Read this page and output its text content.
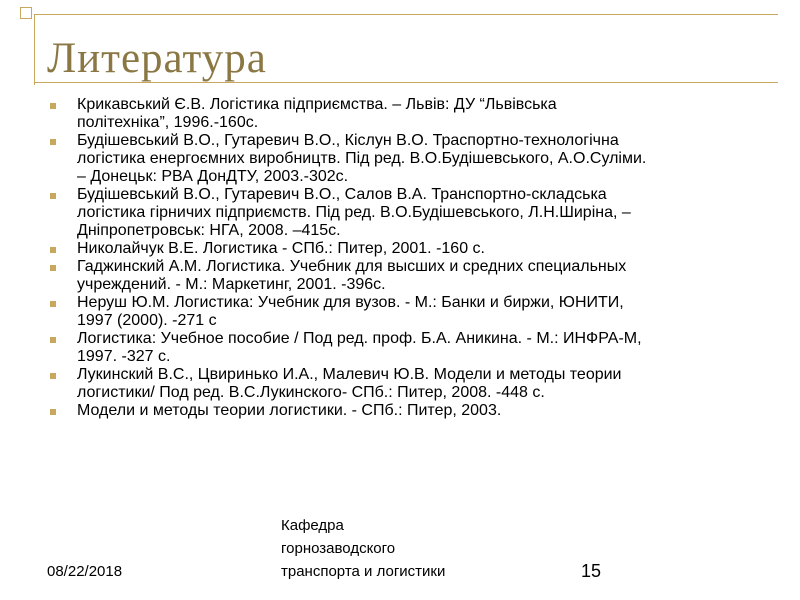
Литература
Крикавський Є.В. Логістика підприємства. – Львів: ДУ “Львівська
політехніка”, 1996.-160с.
Будішевський В.О., Гутаревич В.О., Кіслун В.О. Траспортно-технологічна
логістика енергоємних виробництв. Під ред. В.О.Будішевського, А.О.Суліми.
– Донецьк: РВА ДонДТУ, 2003.-302с.
Будішевський В.О., Гутаревич В.О., Салов В.А. Транспортно-складська
логістика гірничих підприємств. Під ред. В.О.Будішевського, Л.Н.Ширіна, –
Дніпропетровськ: НГА, 2008. –415с.
Николайчук В.Е. Логистика - СПб.: Питер, 2001. -160 с.
Гаджинский А.М. Логистика. Учебник для высших и средних специальных
учреждений. - М.: Маркетинг, 2001. -396с.
Неруш Ю.М. Логистика: Учебник для вузов. - М.: Банки и биржи, ЮНИТИ,
1997 (2000). -271 с
Логистика: Учебное пособие / Под ред. проф. Б.А. Аникина. - М.: ИНФРА-М,
1997. -327 с.
Лукинский В.С., Цвиринько И.А., Малевич Ю.В. Модели и методы теории
логистики/ Под ред. В.С.Лукинского- СПб.: Питер, 2008. -448 с.
Модели и методы теории логистики. - СПб.: Питер, 2003.
08/22/2018
Кафедра
горнозаводского
транспорта и логистики	15
